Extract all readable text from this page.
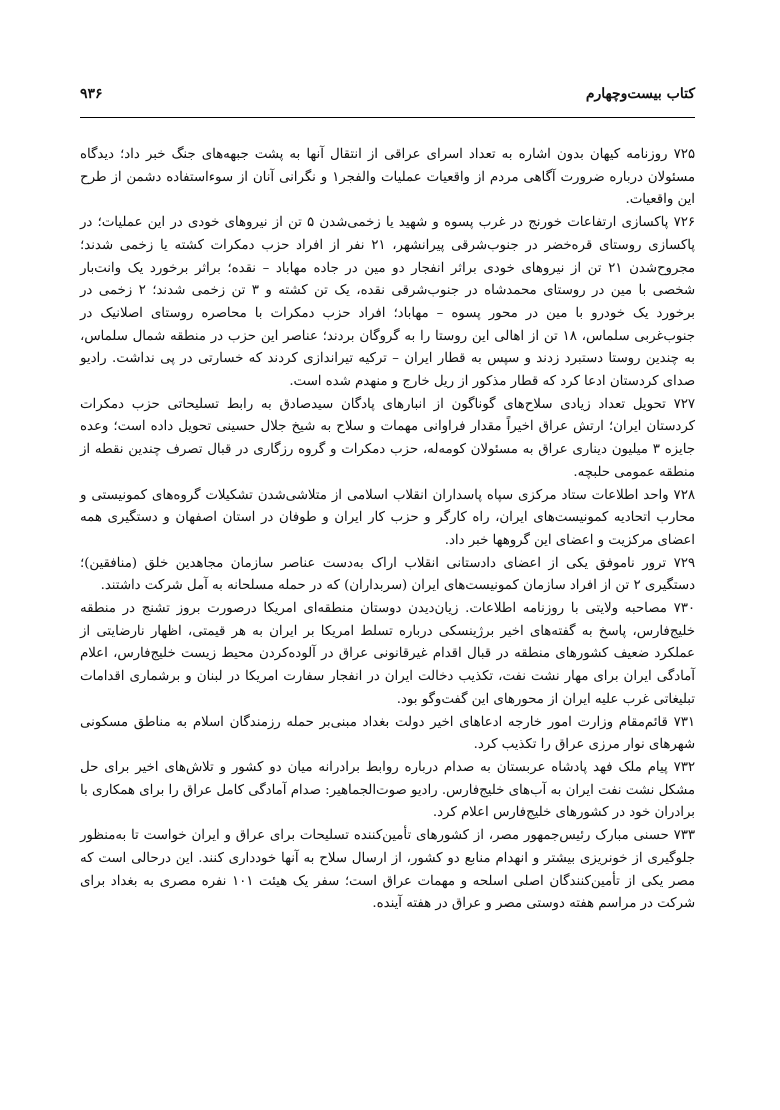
کتاب بیست‌وچهارم
۹۳۶

۷۲۵ روزنامه کیهان بدون اشاره به تعداد اسرای عراقی از انتقال آنها به پشت جبهه‌های جنگ خبر داد؛ دیدگاه مسئولان درباره ضرورت آگاهی مردم از واقعیات عملیات والفجر۱ و نگرانی آنان از سوءاستفاده دشمن از طرح این واقعیات.

۷۲۶ پاکسازی ارتفاعات خورنج در غرب پسوه و شهید یا زخمی‌شدن ۵ تن از نیروهای خودی در این عملیات؛ در پاکسازی روستای قره‌خضر در جنوب‌شرقی پیرانشهر، ۲۱ نفر از افراد حزب دمکرات کشته یا زخمی شدند؛ مجروح‌شدن ۲۱ تن از نیروهای خودی براثر انفجار دو مین در جاده مهاباد – نقده؛ براثر برخورد یک وانت‌بار شخصی با مین در روستای محمدشاه در جنوب‌شرقی نقده، یک تن کشته و ۳ تن زخمی شدند؛ ۲ زخمی در برخورد یک خودرو با مین در محور پسوه – مهاباد؛ افراد حزب دمکرات با محاصره روستای اصلانیک در جنوب‌غربی سلماس، ۱۸ تن از اهالی این روستا را به گروگان بردند؛ عناصر این حزب در منطقه شمال سلماس، به چندین روستا دستبرد زدند و سپس به قطار ایران – ترکیه تیراندازی کردند که خسارتی در پی نداشت. رادیو صدای کردستان ادعا کرد که قطار مذکور از ریل خارج و منهدم شده است.

۷۲۷ تحویل تعداد زیادی سلاح‌های گوناگون از انبارهای پادگان سیدصادق به رابط تسلیحاتی حزب دمکرات کردستان ایران؛ ارتش عراق اخیراً مقدار فراوانی مهمات و سلاح به شیخ جلال حسینی تحویل داده است؛ وعده جایزه ۳ میلیون دیناری عراق به مسئولان کومه‌له، حزب دمکرات و گروه رزگاری در قبال تصرف چندین نقطه از منطقه عمومی حلبچه.

۷۲۸ واحد اطلاعات ستاد مرکزی سپاه پاسداران انقلاب اسلامی از متلاشی‌شدن تشکیلات گروه‌های کمونیستی و محارب اتحادیه کمونیست‌های ایران، راه کارگر و حزب کار ایران و طوفان در استان اصفهان و دستگیری همه اعضای مرکزیت و اعضای این گروهها خبر داد.

۷۲۹ ترور ناموفق یکی از اعضای دادستانی انقلاب اراک به‌دست عناصر سازمان مجاهدین خلق (منافقین)؛ دستگیری ۲ تن از افراد سازمان کمونیست‌های ایران (سربداران) که در حمله مسلحانه به آمل شرکت داشتند.

۷۳۰ مصاحبه ولایتی با روزنامه اطلاعات. زیان‌دیدن دوستان منطقه‌ای امریکا درصورت بروز تشنج در منطقه خلیج‌فارس، پاسخ به گفته‌های اخیر برژینسکی درباره تسلط امریکا بر ایران به هر قیمتی، اظهار نارضایتی از عملکرد ضعیف کشورهای منطقه در قبال اقدام غیرقانونی عراق در آلوده‌کردن محیط زیست خلیج‌فارس، اعلام آمادگی ایران برای مهار نشت نفت، تکذیب دخالت ایران در انفجار سفارت امریکا در لبنان و برشماری اقدامات تبلیغاتی غرب علیه ایران از محورهای این گفت‌وگو بود.

۷۳۱ قائم‌مقام وزارت امور خارجه ادعاهای اخیر دولت بغداد مبنی‌بر حمله رزمندگان اسلام به مناطق مسکونی شهرهای نوار مرزی عراق را تکذیب کرد.

۷۳۲ پیام ملک فهد پادشاه عربستان به صدام درباره روابط برادرانه میان دو کشور و تلاش‌های اخیر برای حل مشکل نشت نفت ایران به آب‌های خلیج‌فارس. رادیو صوت‌الجماهیر: صدام آمادگی کامل عراق را برای همکاری با برادران خود در کشورهای خلیج‌فارس اعلام کرد.

۷۳۳ حسنی مبارک رئیس‌جمهور مصر، از کشورهای تأمین‌کننده تسلیحات برای عراق و ایران خواست تا به‌منظور جلوگیری از خونریزی بیشتر و انهدام منابع دو کشور، از ارسال سلاح به آنها خودداری کنند. این درحالی است که مصر یکی از تأمین‌کنندگان اصلی اسلحه و مهمات عراق است؛ سفر یک هیئت ۱۰۱ نفره مصری به بغداد برای شرکت در مراسم هفته دوستی مصر و عراق در هفته آینده.
